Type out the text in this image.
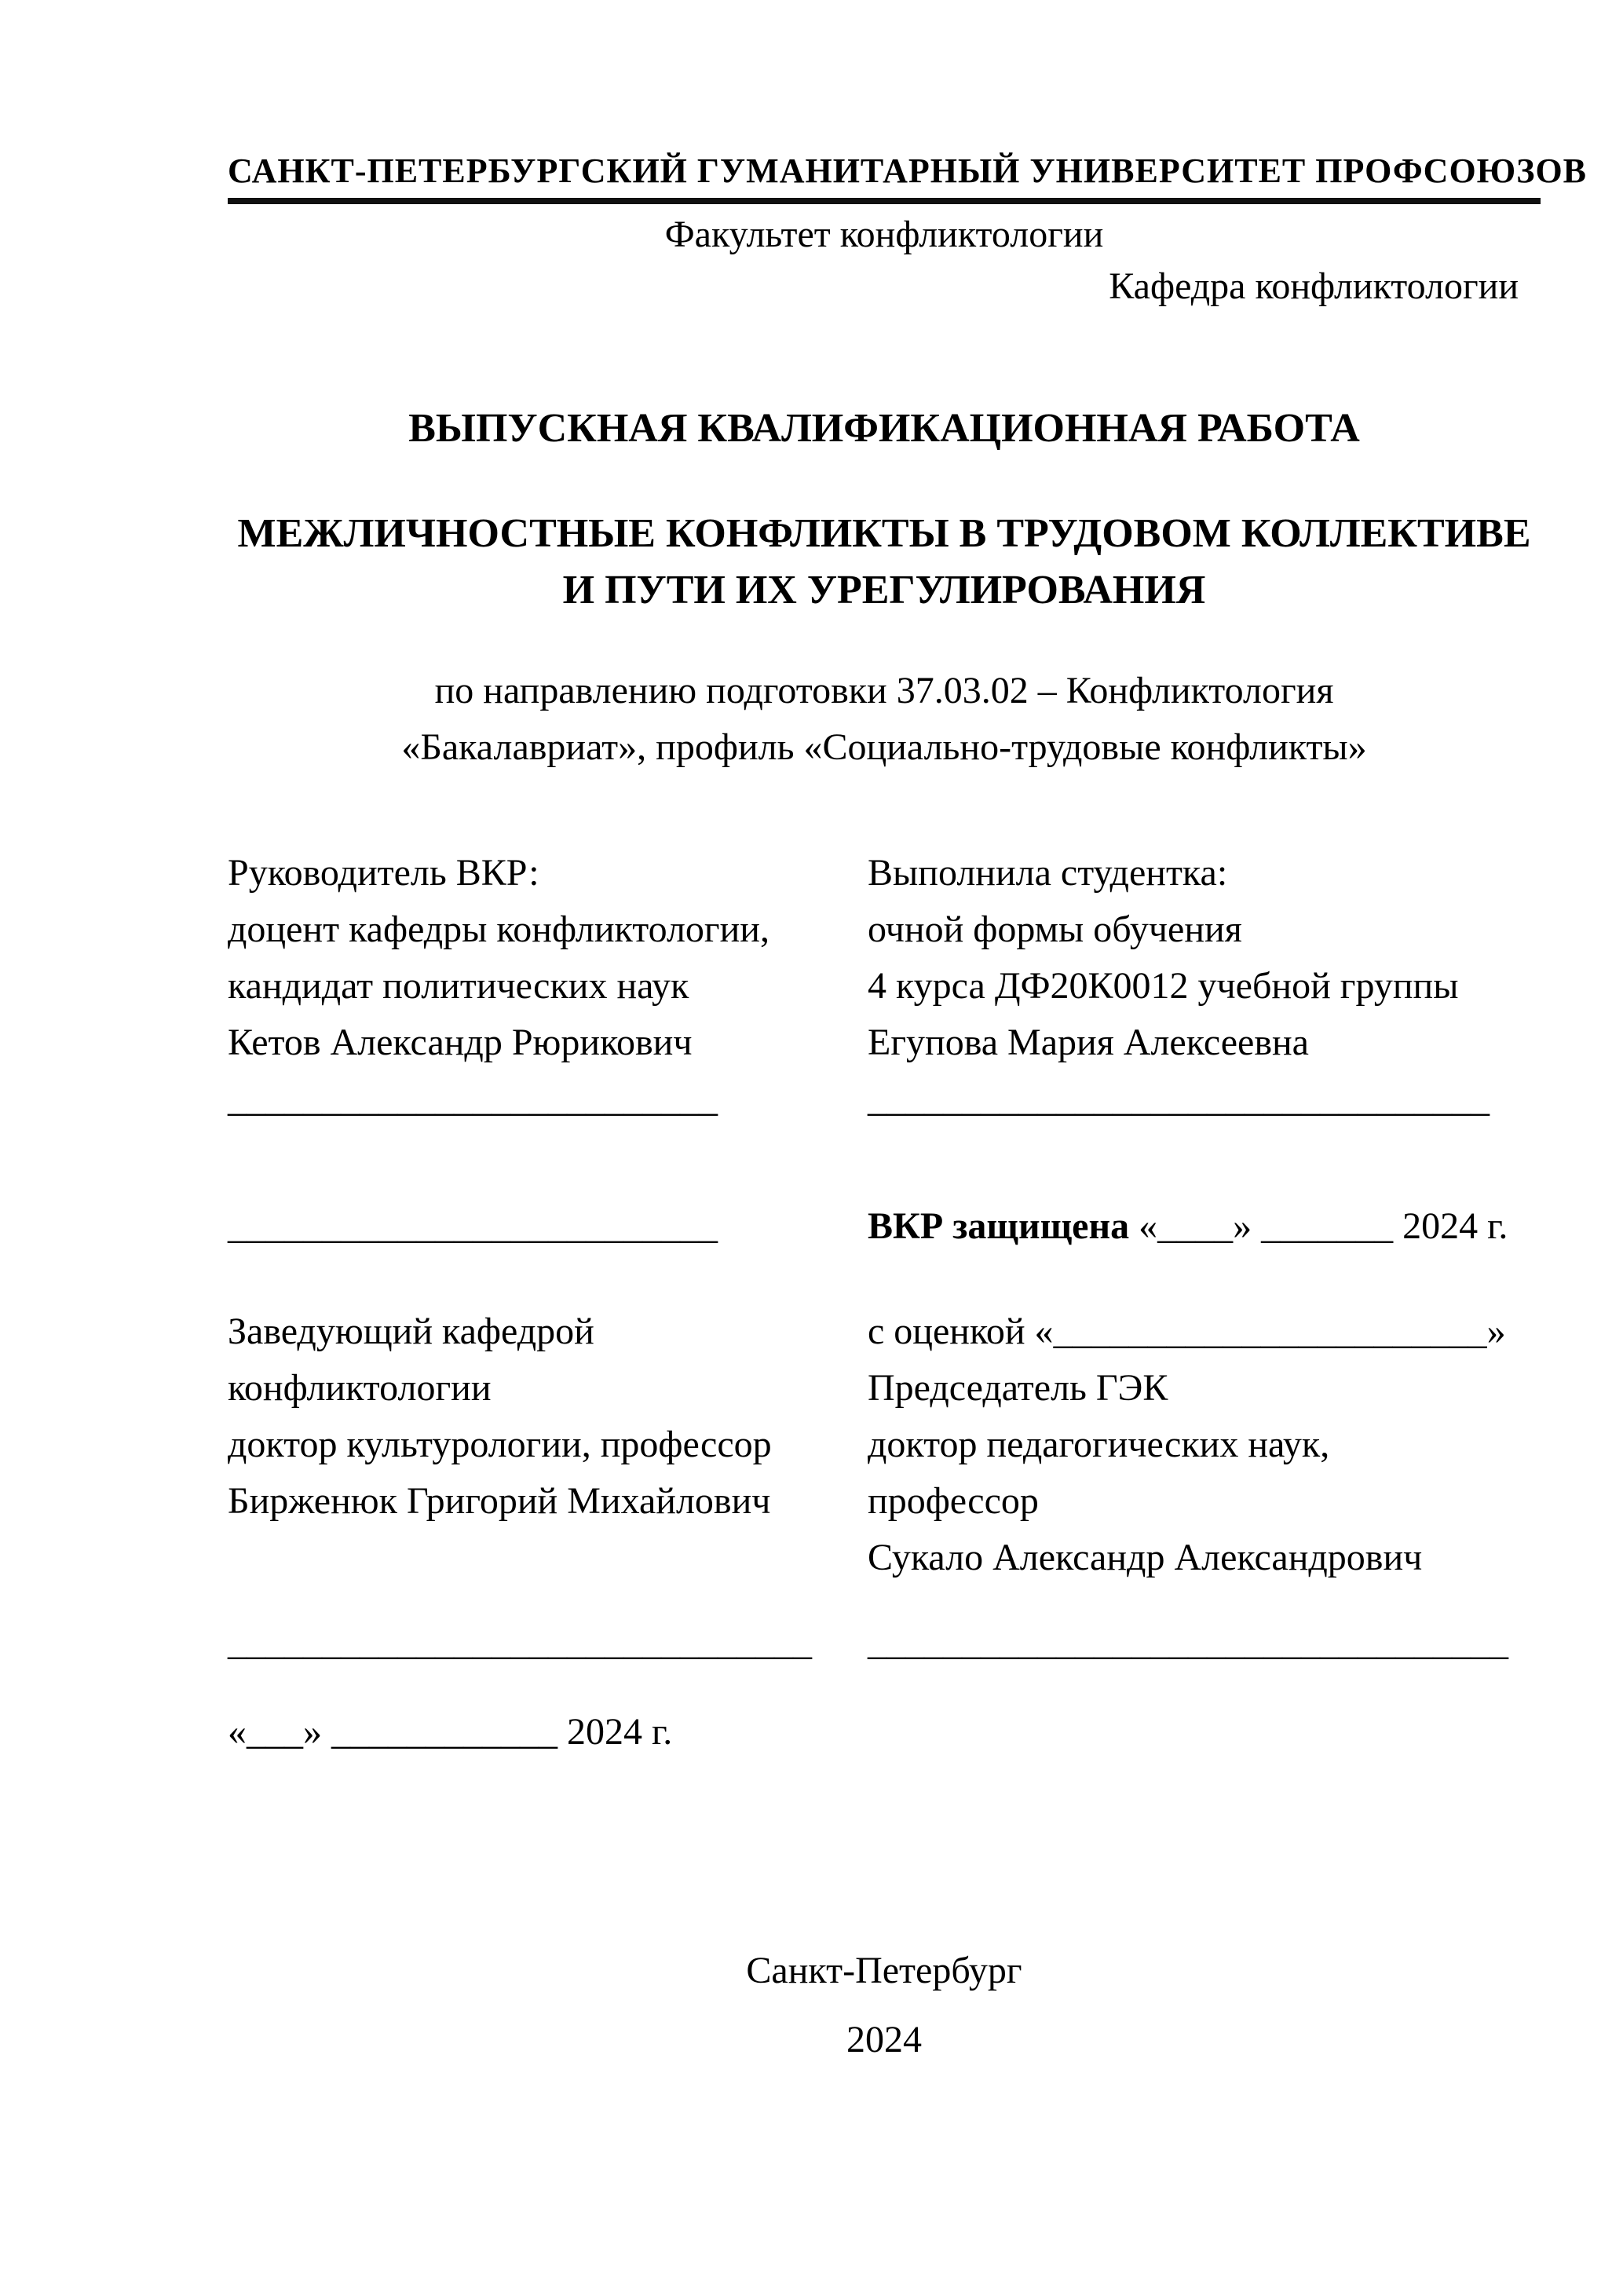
САНКТ-ПЕТЕРБУРГСКИЙ ГУМАНИТАРНЫЙ УНИВЕРСИТЕТ ПРОФСОЮЗОВ
Факультет конфликтологии
Кафедра конфликтологии
ВЫПУСКНАЯ КВАЛИФИКАЦИОННАЯ РАБОТА
МЕЖЛИЧНОСТНЫЕ КОНФЛИКТЫ В ТРУДОВОМ КОЛЛЕКТИВЕ
И ПУТИ ИХ УРЕГУЛИРОВАНИЯ
по направлению подготовки 37.03.02 – Конфликтология
«Бакалавриат», профиль «Социально-трудовые конфликты»
Руководитель ВКР:
доцент кафедры конфликтологии,
кандидат политических наук
Кетов Александр Рюрикович
__________________________
Выполнила студентка:
очной формы обучения
4 курса ДФ20К0012 учебной группы
Егупова Мария Алексеевна
_________________________________
__________________________	ВКР защищена «____» _______ 2024 г.
Заведующий кафедрой
конфликтологии
доктор культурологии, профессор
Бирженюк Григорий Михайлович
с оценкой «_______________________»
Председатель ГЭК
доктор педагогических наук,
профессор
Сукало Александр Александрович
_______________________________	__________________________________
«___» ____________ 2024 г.
Санкт-Петербург
2024
